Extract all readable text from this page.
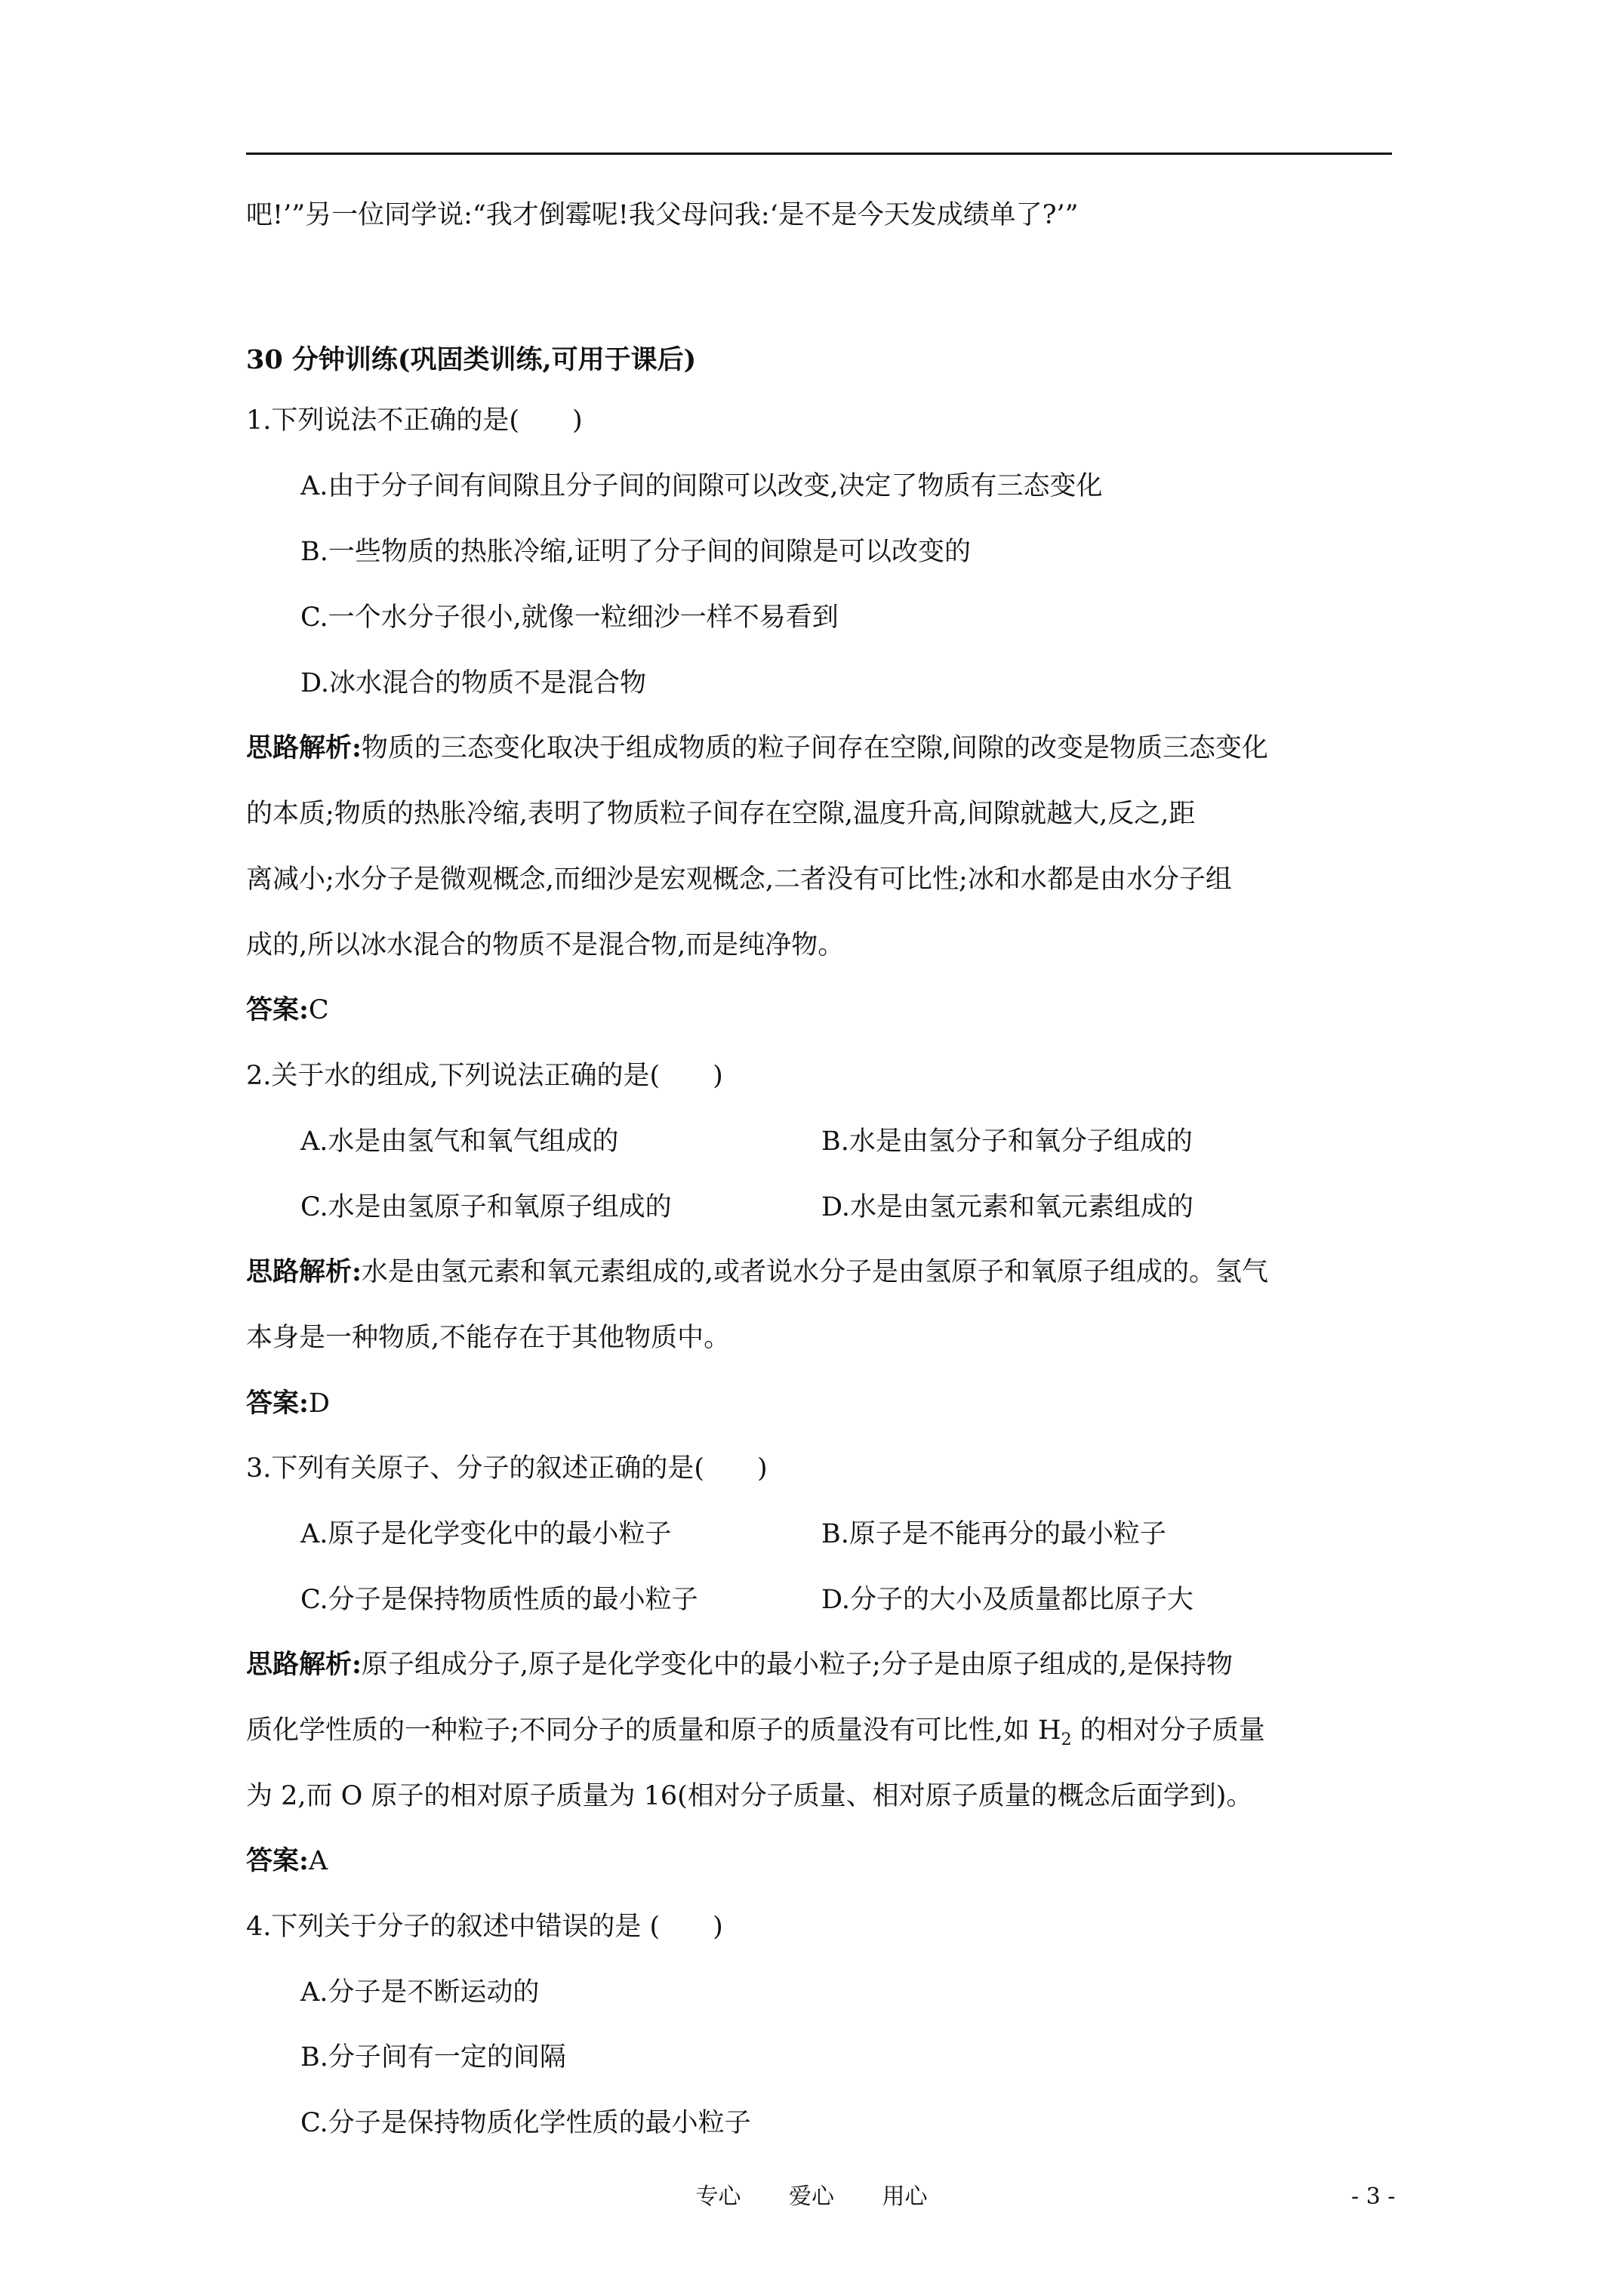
吧!’”另一位同学说:“我才倒霉呢!我父母问我:‘是不是今天发成绩单了?’”
30 分钟训练(巩固类训练,可用于课后)
1.下列说法不正确的是(　　)
A.由于分子间有间隙且分子间的间隙可以改变,决定了物质有三态变化
B.一些物质的热胀冷缩,证明了分子间的间隙是可以改变的
C.一个水分子很小,就像一粒细沙一样不易看到
D.冰水混合的物质不是混合物
思路解析:物质的三态变化取决于组成物质的粒子间存在空隙,间隙的改变是物质三态变化
的本质;物质的热胀冷缩,表明了物质粒子间存在空隙,温度升高,间隙就越大,反之,距
离减小;水分子是微观概念,而细沙是宏观概念,二者没有可比性;冰和水都是由水分子组
成的,所以冰水混合的物质不是混合物,而是纯净物。
答案:C
2.关于水的组成,下列说法正确的是(　　)
A.水是由氢气和氧气组成的	B.水是由氢分子和氧分子组成的
C.水是由氢原子和氧原子组成的	D.水是由氢元素和氧元素组成的
思路解析:水是由氢元素和氧元素组成的,或者说水分子是由氢原子和氧原子组成的。氢气
本身是一种物质,不能存在于其他物质中。
答案:D
3.下列有关原子、分子的叙述正确的是(　　)
A.原子是化学变化中的最小粒子	B.原子是不能再分的最小粒子
C.分子是保持物质性质的最小粒子	D.分子的大小及质量都比原子大
思路解析:原子组成分子,原子是化学变化中的最小粒子;分子是由原子组成的,是保持物
质化学性质的一种粒子;不同分子的质量和原子的质量没有可比性,如 $H_2$ 的相对分子质量
为 2,而 O 原子的相对原子质量为 16(相对分子质量、相对原子质量的概念后面学到)。
答案:A
4.下列关于分子的叙述中错误的是 (　　)
A.分子是不断运动的
B.分子间有一定的间隔
C.分子是保持物质化学性质的最小粒子
专心 爱心 用心	- 3 -
